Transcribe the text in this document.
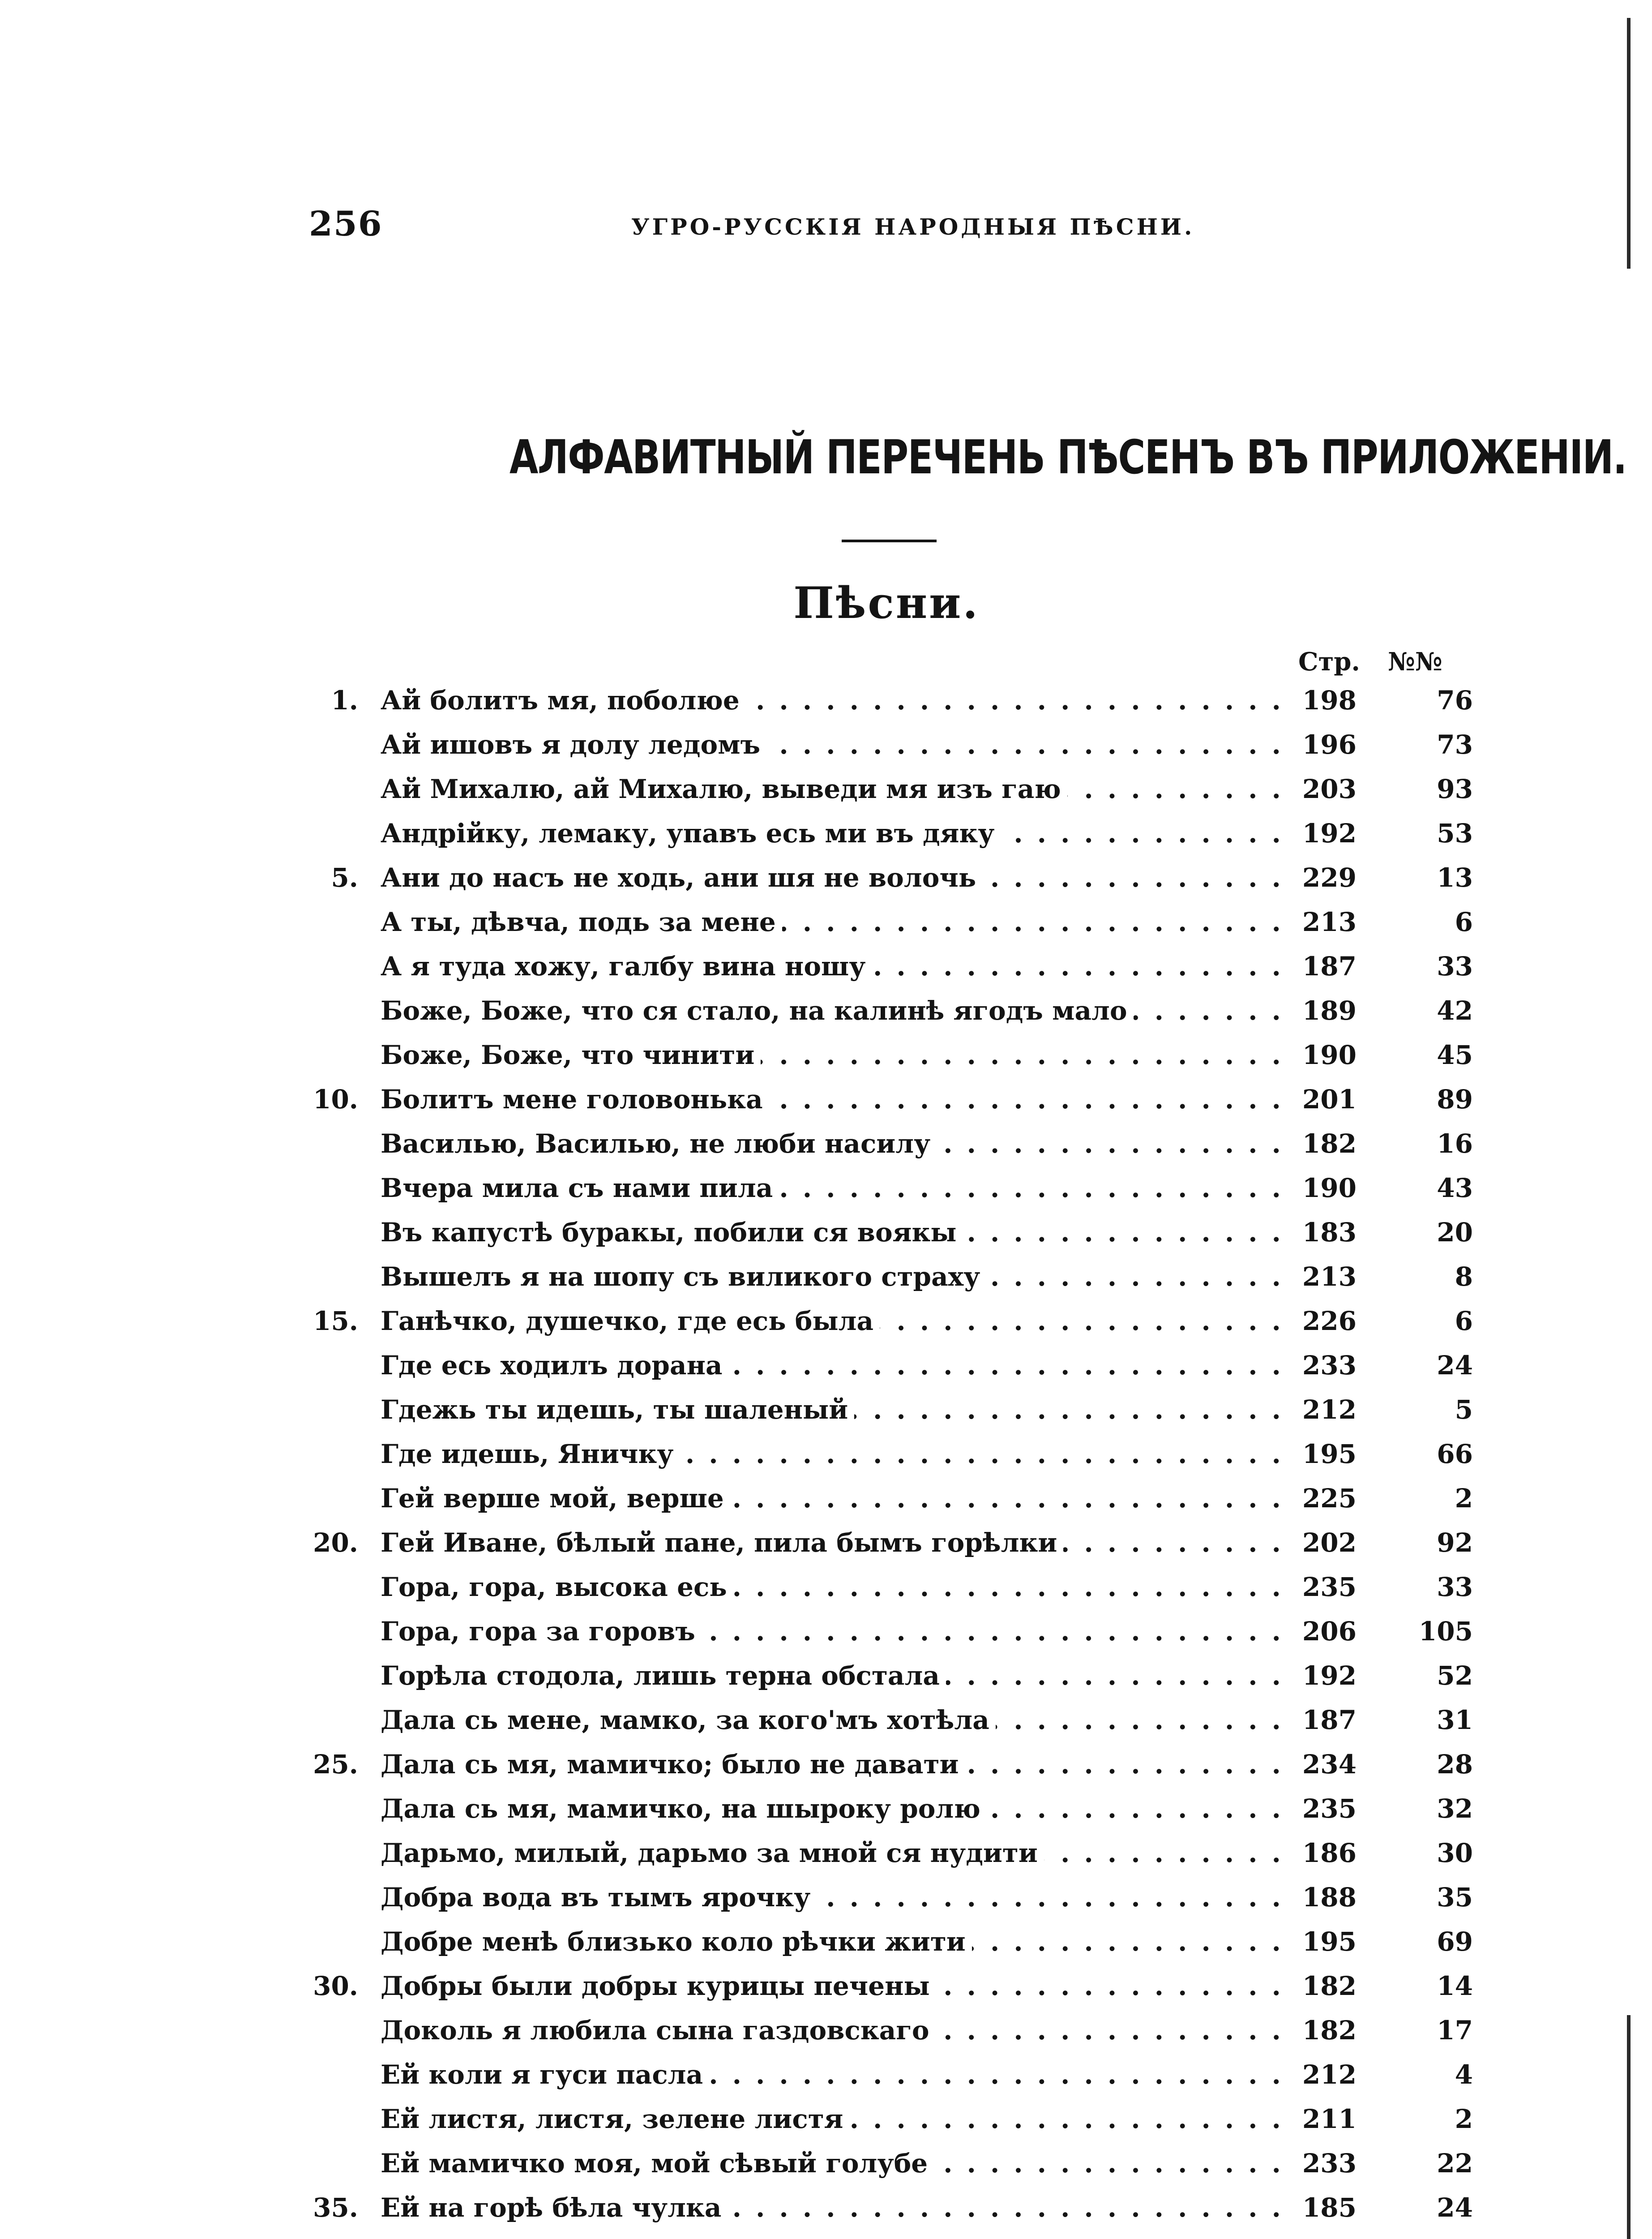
256	УГРО-РУССКІЯ НАРОДНЫЯ ПѢСНИ.
АЛФАВИТНЫЙ ПЕРЕЧЕНЬ ПѢСЕНЪ ВЪ ПРИЛОЖЕНІИ.
Пѣсни.
Стр. №№
1. Ай болитъ мя, поболюе . . .	198	76
Ай ишовъ я долу ледомъ . . .	196	73
Ай Михалю, ай Михалю, выведи мя изъ гаю . . .	203	93
Андрійку, лемаку, упавъ есь ми въ дяку . . .	192	53
5. Ани до насъ не ходь, ани шя не волочь . . .	229	13
А ты, дѣвча, подь за мене . . .	213	6
А я туда хожу, галбу вина ношу . . .	187	33
Боже, Боже, что ся стало, на калинѣ ягодъ мало . . .	189	42
Боже, Боже, что чинити . . .	190	45
10. Болитъ мене головонька . . .	201	89
Василью, Василью, не люби насилу . . .	182	16
Вчера мила съ нами пила . . .	190	43
Въ капустѣ буракы, побили ся воякы . . .	183	20
Вышелъ я на шопу съ виликого страху . . .	213	8
15. Ганѣчко, душечко, где есь была . . .	226	6
Где есь ходилъ дорана . . .	233	24
Гдежь ты идешь, ты шаленый . . .	212	5
Где идешь, Яничку . . .	195	66
Гей верше мой, верше . . .	225	2
20. Гей Иване, бѣлый пане, пила бымъ горѣлки . . .	202	92
Гора, гора, высока есь . . .	235	33
Гора, гора за горовъ . . .	206	105
Горѣла стодола, лишь терна обстала . . .	192	52
Дала сь мене, мамко, за кого'мъ хотѣла . . .	187	31
25. Дала сь мя, мамичко; было не давати . . .	234	28
Дала сь мя, мамичко, на шыроку ролю . . .	235	32
Дарьмо, милый, дарьмо за мной ся нудити . . .	186	30
Добра вода въ тымъ ярочку . . .	188	35
Добре менѣ близько коло рѣчки жити . . .	195	69
30. Добры были добры курицы печены . . .	182	14
Доколь я любила сына газдовскаго . . .	182	17
Ей коли я гуси пасла . . .	212	4
Ей листя, листя, зелене листя . . .	211	2
Ей мамичко моя, мой сѣвый голубе . . .	233	22
35. Ей на горѣ бѣла чулка . . .	185	24
